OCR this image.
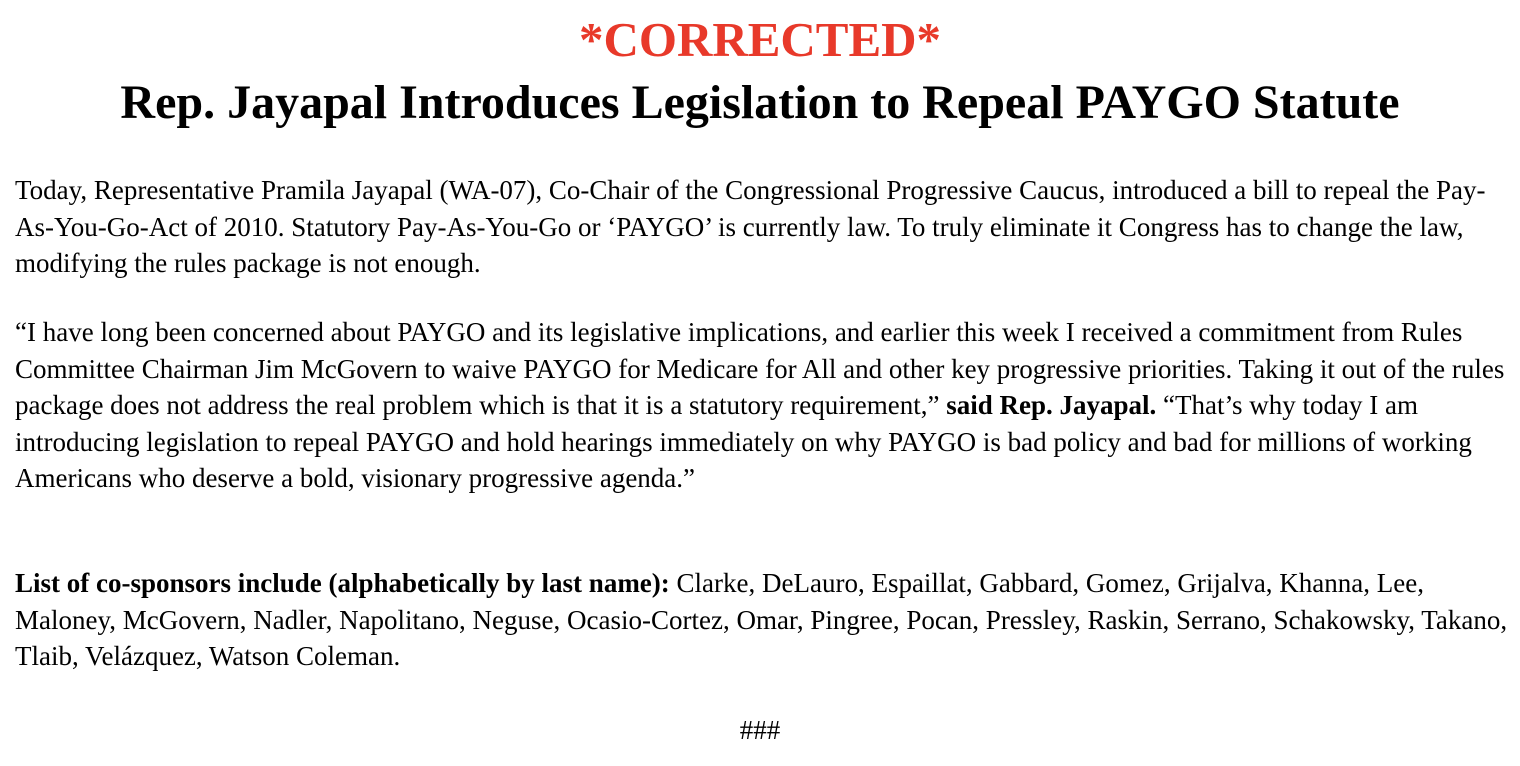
*CORRECTED*
Rep. Jayapal Introduces Legislation to Repeal PAYGO Statute

Today, Representative Pramila Jayapal (WA-07), Co-Chair of the Congressional Progressive Caucus, introduced a bill to repeal the Pay-As-You-Go-Act of 2010. Statutory Pay-As-You-Go or ‘PAYGO’ is currently law. To truly eliminate it Congress has to change the law, modifying the rules package is not enough.

“I have long been concerned about PAYGO and its legislative implications, and earlier this week I received a commitment from Rules Committee Chairman Jim McGovern to waive PAYGO for Medicare for All and other key progressive priorities. Taking it out of the rules package does not address the real problem which is that it is a statutory requirement,” said Rep. Jayapal. “That’s why today I am introducing legislation to repeal PAYGO and hold hearings immediately on why PAYGO is bad policy and bad for millions of working Americans who deserve a bold, visionary progressive agenda.”

List of co-sponsors include (alphabetically by last name): Clarke, DeLauro, Espaillat, Gabbard, Gomez, Grijalva, Khanna, Lee, Maloney, McGovern, Nadler, Napolitano, Neguse, Ocasio-Cortez, Omar, Pingree, Pocan, Pressley, Raskin, Serrano, Schakowsky, Takano, Tlaib, Velázquez, Watson Coleman.

###
